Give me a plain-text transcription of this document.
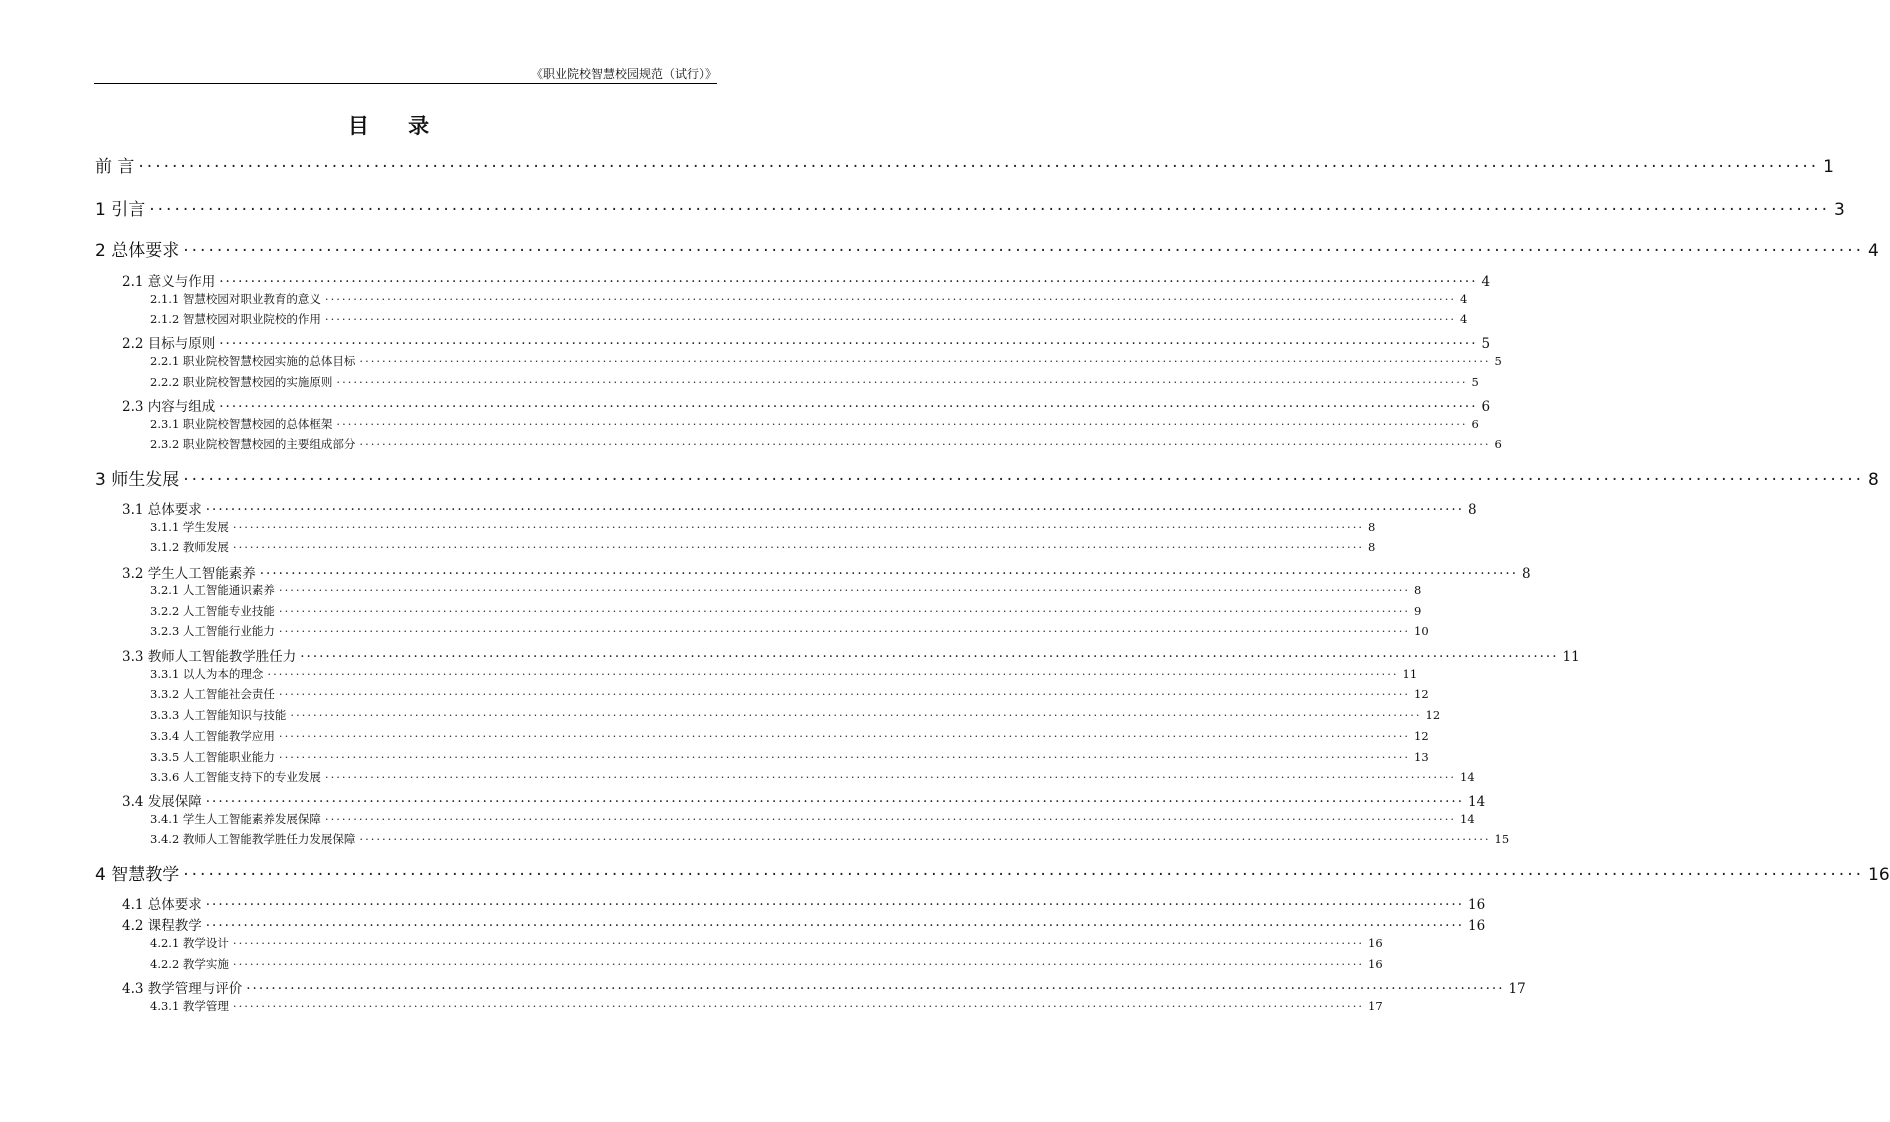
《职业院校智慧校园规范（试行）》
目 录
前 言 ········································································································································································································ 1
1 引言 ········································································································································································································ 3
2 总体要求 ········································································································································································································ 4
2.1 意义与作用 ········································································································································································································ 4
2.1.1 智慧校园对职业教育的意义 ········································································································································································································ 4
2.1.2 智慧校园对职业院校的作用 ········································································································································································································ 4
2.2 目标与原则 ········································································································································································································ 5
2.2.1 职业院校智慧校园实施的总体目标 ········································································································································································································ 5
2.2.2 职业院校智慧校园的实施原则 ········································································································································································································ 5
2.3 内容与组成 ········································································································································································································ 6
2.3.1 职业院校智慧校园的总体框架 ········································································································································································································ 6
2.3.2 职业院校智慧校园的主要组成部分 ········································································································································································································ 6
3 师生发展 ········································································································································································································ 8
3.1 总体要求 ········································································································································································································ 8
3.1.1 学生发展 ········································································································································································································ 8
3.1.2 教师发展 ········································································································································································································ 8
3.2 学生人工智能素养 ········································································································································································································ 8
3.2.1 人工智能通识素养 ········································································································································································································ 8
3.2.2 人工智能专业技能 ········································································································································································································ 9
3.2.3 人工智能行业能力 ········································································································································································································ 10
3.3 教师人工智能教学胜任力 ········································································································································································································ 11
3.3.1 以人为本的理念 ········································································································································································································ 11
3.3.2 人工智能社会责任 ········································································································································································································ 12
3.3.3 人工智能知识与技能 ········································································································································································································ 12
3.3.4 人工智能教学应用 ········································································································································································································ 12
3.3.5 人工智能职业能力 ········································································································································································································ 13
3.3.6 人工智能支持下的专业发展 ········································································································································································································ 14
3.4 发展保障 ········································································································································································································ 14
3.4.1 学生人工智能素养发展保障 ········································································································································································································ 14
3.4.2 教师人工智能教学胜任力发展保障 ········································································································································································································ 15
4 智慧教学 ········································································································································································································ 16
4.1 总体要求 ········································································································································································································ 16
4.2 课程教学 ········································································································································································································ 16
4.2.1 教学设计 ········································································································································································································ 16
4.2.2 教学实施 ········································································································································································································ 16
4.3 教学管理与评价 ········································································································································································································ 17
4.3.1 教学管理 ········································································································································································································ 17
